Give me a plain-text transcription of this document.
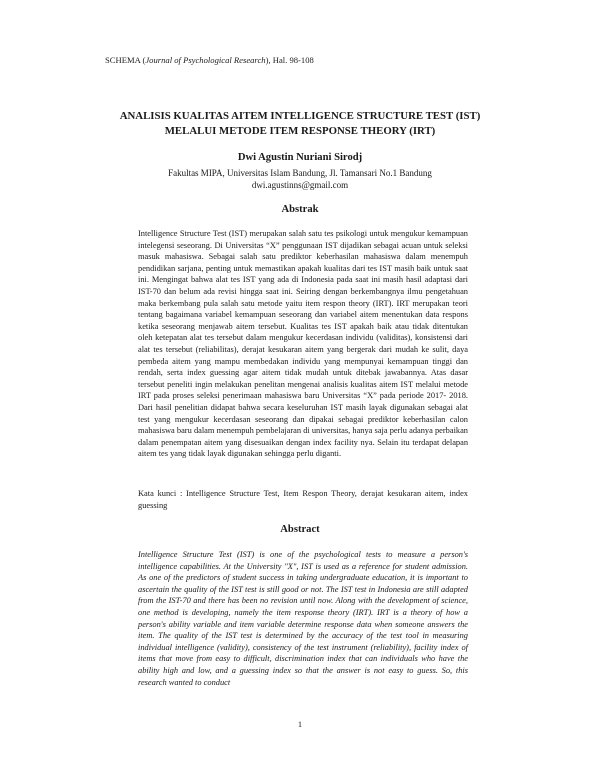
SCHEMA (Journal of Psychological Research), Hal. 98-108
ANALISIS KUALITAS AITEM INTELLIGENCE STRUCTURE TEST (IST)
MELALUI METODE ITEM RESPONSE THEORY (IRT)
Dwi Agustin Nuriani Sirodj
Fakultas MIPA, Universitas Islam Bandung, Jl. Tamansari No.1 Bandung
dwi.agustinns@gmail.com
Abstrak

Intelligence Structure Test (IST) merupakan salah satu tes psikologi untuk mengukur kemampuan intelegensi seseorang. Di Universitas “X” penggunaan IST dijadikan sebagai acuan untuk seleksi masuk mahasiswa. Sebagai salah satu prediktor keberhasilan mahasiswa dalam menempuh pendidikan sarjana, penting untuk memastikan apakah kualitas dari tes IST masih baik untuk saat ini. Mengingat bahwa alat tes IST yang ada di Indonesia pada saat ini masih hasil adaptasi dari IST-70 dan belum ada revisi hingga saat ini. Seiring dengan berkembangnya ilmu pengetahuan maka berkembang pula salah satu metode yaitu item respon theory (IRT). IRT merupakan teori tentang bagaimana variabel kemampuan seseorang dan variabel aitem menentukan data respons ketika seseorang menjawab aitem tersebut. Kualitas tes IST apakah baik atau tidak ditentukan oleh ketepatan alat tes tersebut dalam mengukur kecerdasan individu (validitas), konsistensi dari alat tes tersebut (reliabilitas), derajat kesukaran aitem yang bergerak dari mudah ke sulit, daya pembeda aitem yang mampu membedakan individu yang mempunyai kemampuan tinggi dan rendah, serta index guessing agar aitem tidak mudah untuk ditebak jawabannya. Atas dasar tersebut peneliti ingin melakukan penelitan mengenai analisis kualitas aitem IST melalui metode IRT pada proses seleksi penerimaan mahasiswa baru Universitas “X” pada periode 2017- 2018. Dari hasil penelitian didapat bahwa secara keseluruhan IST masih layak digunakan sebagai alat test yang mengukur kecerdasan seseorang dan dipakai sebagai prediktor keberhasilan calon mahasiswa baru dalam menempuh pembelajaran di universitas, hanya saja perlu adanya perbaikan dalam penempatan aitem yang disesuaikan dengan index facility nya. Selain itu terdapat delapan aitem tes yang tidak layak digunakan sehingga perlu diganti.

Kata kunci : Intelligence Structure Test, Item Respon Theory, derajat kesukaran aitem, index guessing

Abstract

Intelligence Structure Test (IST) is one of the psychological tests to measure a person's intelligence capabilities. At the University "X", IST is used as a reference for student admission. As one of the predictors of student success in taking undergraduate education, it is important to ascertain the quality of the IST test is still good or not. The IST test in Indonesia are still adapted from the IST-70 and there has been no revision until now. Along with the development of science, one method is developing, namely the item response theory (IRT). IRT is a theory of how a person's ability variable and item variable determine response data when someone answers the item. The quality of the IST test is determined by the accuracy of the test tool in measuring individual intelligence (validity), consistency of the test instrument (reliability), facility index of items that move from easy to difficult, discrimination index that can individuals who have the ability high and low, and a guessing index so that the answer is not easy to guess. So, this research wanted to conduct

1
